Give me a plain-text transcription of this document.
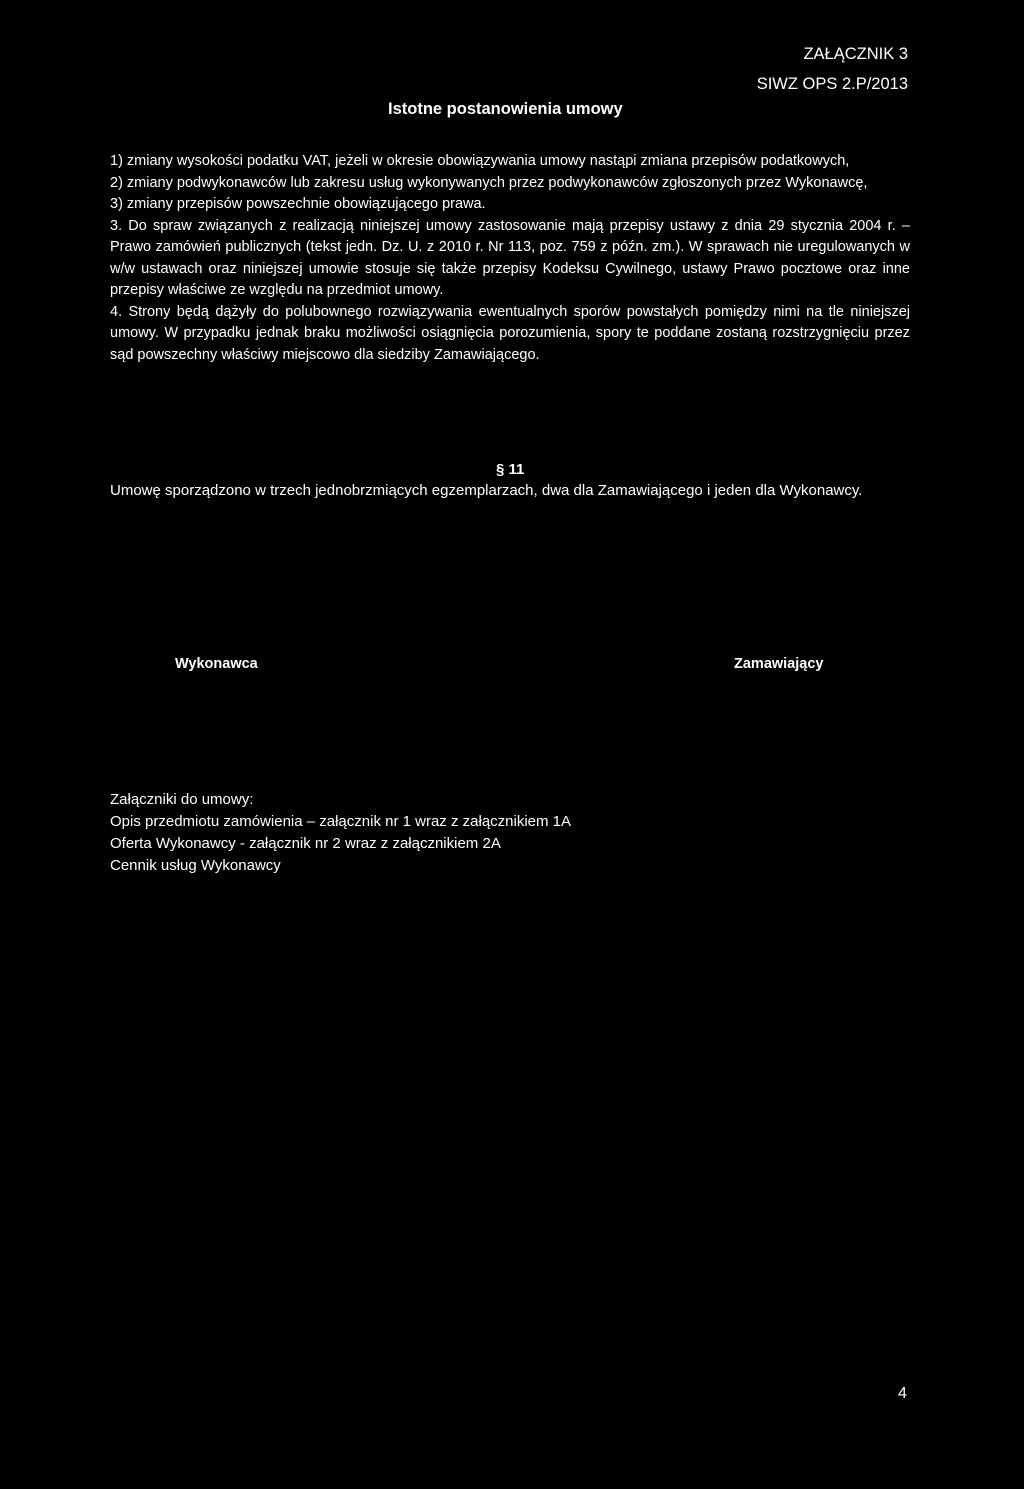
ZAŁĄCZNIK 3
SIWZ OPS 2.P/2013
Istotne postanowienia umowy

1) zmiany wysokości podatku VAT, jeżeli w okresie obowiązywania umowy nastąpi zmiana przepisów podatkowych,

2) zmiany podwykonawców lub zakresu usług wykonywanych przez podwykonawców zgłoszonych przez Wykonawcę,

3) zmiany przepisów powszechnie obowiązującego prawa.

3. Do spraw związanych z realizacją niniejszej umowy zastosowanie mają przepisy ustawy z dnia 29 stycznia 2004 r. – Prawo zamówień publicznych (tekst jedn. Dz. U. z 2010 r. Nr 113, poz. 759 z późn. zm.). W sprawach nie uregulowanych w w/w ustawach oraz niniejszej umowie stosuje się także przepisy Kodeksu Cywilnego, ustawy Prawo pocztowe oraz inne przepisy właściwe ze względu na przedmiot umowy.

4. Strony będą dążyły do polubownego rozwiązywania ewentualnych sporów powstałych pomiędzy nimi na tle niniejszej umowy. W przypadku jednak braku możliwości osiągnięcia porozumienia, spory te poddane zostaną rozstrzygnięciu przez sąd powszechny właściwy miejscowo dla siedziby Zamawiającego.

§ 11
Umowę sporządzono w trzech jednobrzmiących egzemplarzach, dwa dla Zamawiającego i jeden dla Wykonawcy.
Wykonawca	Zamawiający
Załączniki do umowy:
Opis przedmiotu zamówienia – załącznik nr 1 wraz z załącznikiem 1A
Oferta Wykonawcy - załącznik nr 2 wraz z załącznikiem 2A
Cennik usług Wykonawcy
4
